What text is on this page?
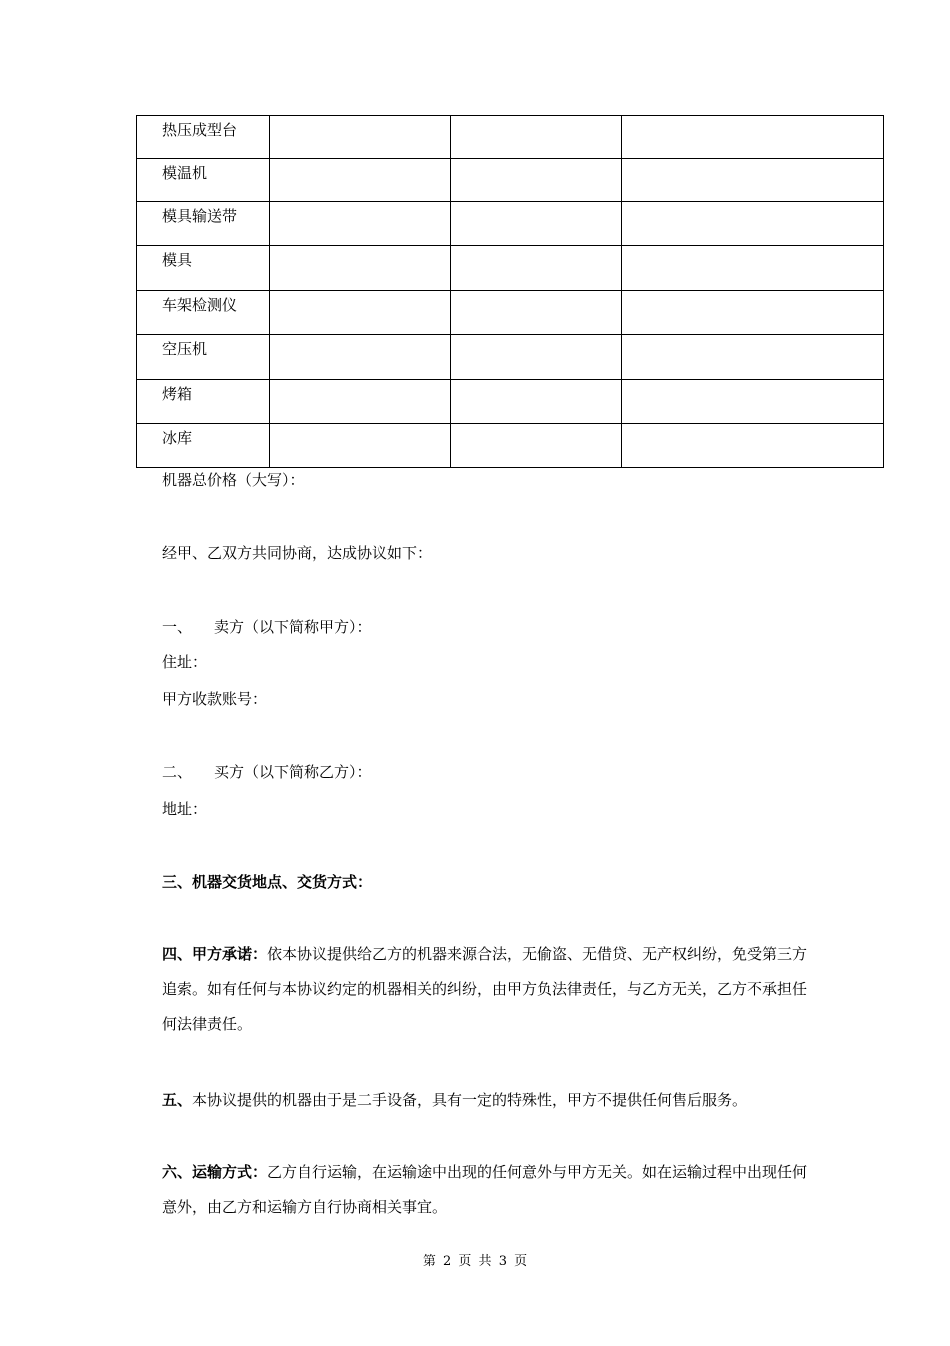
热压成型台			
模温机			
模具输送带			
模具			
车架检测仪			
空压机			
烤箱			
冰库			
机器总价格（大写）：
经甲、乙双方共同协商，达成协议如下：
一、 卖方（以下简称甲方）：
住址：
甲方收款账号：
二、 买方（以下简称乙方）：
地址：
三、机器交货地点、交货方式：
四、甲方承诺：依本协议提供给乙方的机器来源合法，无偷盗、无借贷、无产权纠纷，免受第三方追索。如有任何与本协议约定的机器相关的纠纷，由甲方负法律责任，与乙方无关，乙方不承担任何法律责任。
五、本协议提供的机器由于是二手设备，具有一定的特殊性，甲方不提供任何售后服务。
六、运输方式：乙方自行运输，在运输途中出现的任何意外与甲方无关。如在运输过程中出现任何意外，由乙方和运输方自行协商相关事宜。
第 2 页 共 3 页
